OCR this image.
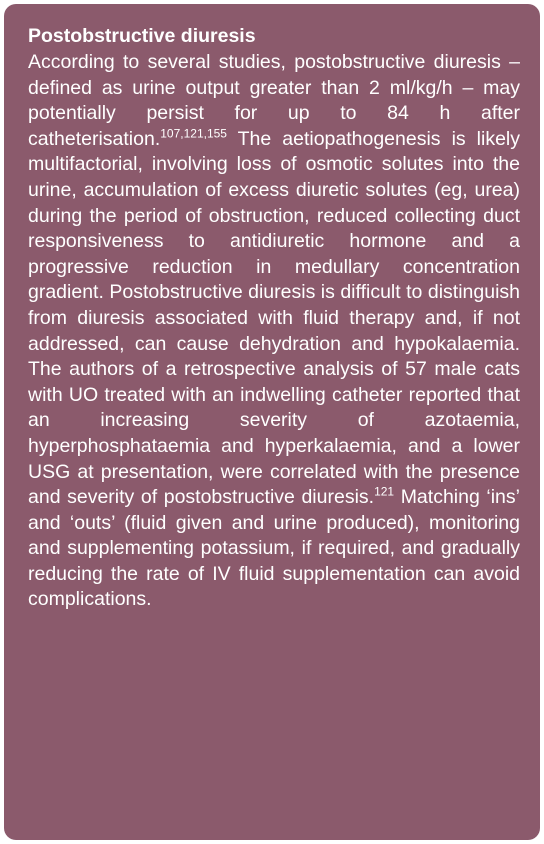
Postobstructive diuresis

According to several studies, postobstructive diuresis – defined as urine output greater than 2 ml/kg/h – may potentially persist for up to 84 h after catheterisation.$^{107,121,155}$ The aetiopathogenesis is likely multifactorial, involving loss of osmotic solutes into the urine, accumulation of excess diuretic solutes (eg, urea) during the period of obstruction, reduced collecting duct responsiveness to antidiuretic hormone and a progressive reduction in medullary concentration gradient. Postobstructive diuresis is difficult to distinguish from diuresis associated with fluid therapy and, if not addressed, can cause dehydration and hypokalaemia. The authors of a retrospective analysis of 57 male cats with UO treated with an indwelling catheter reported that an increasing severity of azotaemia, hyperphosphataemia and hyperkalaemia, and a lower USG at presentation, were correlated with the presence and severity of postobstructive diuresis.$^{121}$ Matching ‘ins’ and ‘outs’ (fluid given and urine produced), monitoring and supplementing potassium, if required, and gradually reducing the rate of IV fluid supplementation can avoid complications.
